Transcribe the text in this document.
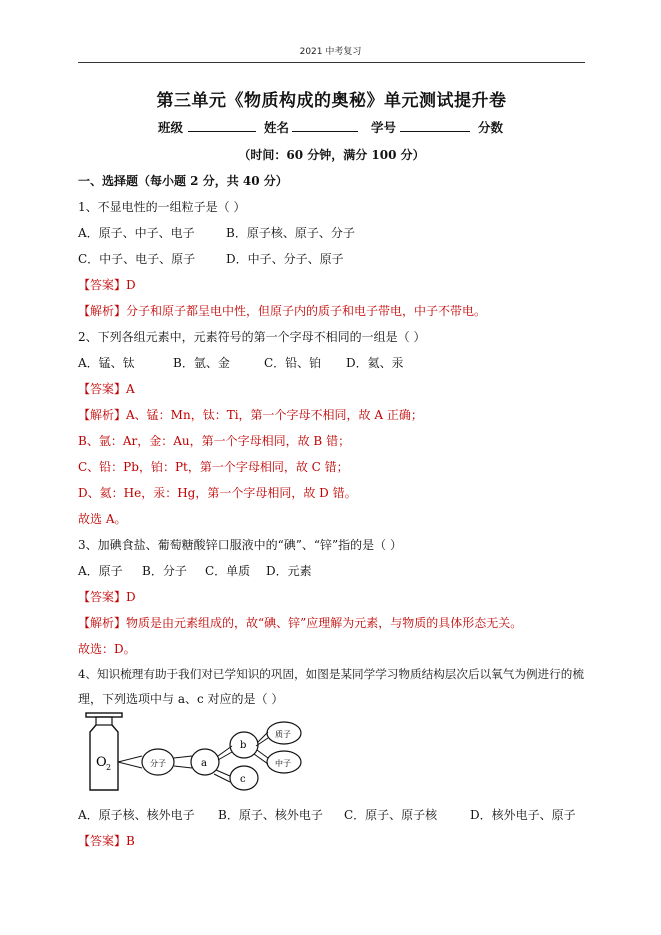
2021 中考复习
第三单元《物质构成的奥秘》单元测试提升卷
班级	姓名	学号	分数
（时间：60 分钟，满分 100 分）
一、选择题（每小题 2 分，共 40 分）
1、不显电性的一组粒子是（ ）
A．原子、中子、电子	B．原子核、原子、分子
C．中子、电子、原子	D．中子、分子、原子
【答案】D
【解析】分子和原子都呈电中性，但原子内的质子和电子带电，中子不带电。
2、下列各组元素中，元素符号的第一个字母不相同的一组是（ ）
A．锰、钛	B．氩、金	C．铅、铂 D．氦、汞
【答案】A
【解析】A、锰：Mn，钛：Ti，第一个字母不相同，故 A 正确；
B、氩：Ar，金：Au，第一个字母相同，故 B 错；
C、铅：Pb，铂：Pt，第一个字母相同，故 C 错；
D、氦：He，汞：Hg，第一个字母相同，故 D 错。
故选 A。
3、加碘食盐、葡萄糖酸锌口服液中的“碘”、“锌”指的是（ ）
A．原子 B．分子 C．单质 D．元素
【答案】D
【解析】物质是由元素组成的，故“碘、锌”应理解为元素，与物质的具体形态无关。
故选：D。
4、知识梳理有助于我们对已学知识的巩固，如图是某同学学习物质结构层次后以氧气为例进行的梳
理，下列选项中与 a、c 对应的是（ ）
O 2	分子	a
b
c
质子
中子
A．原子核、核外电子 B．原子、核外电子 C．原子、原子核	D．核外电子、原子
【答案】B
